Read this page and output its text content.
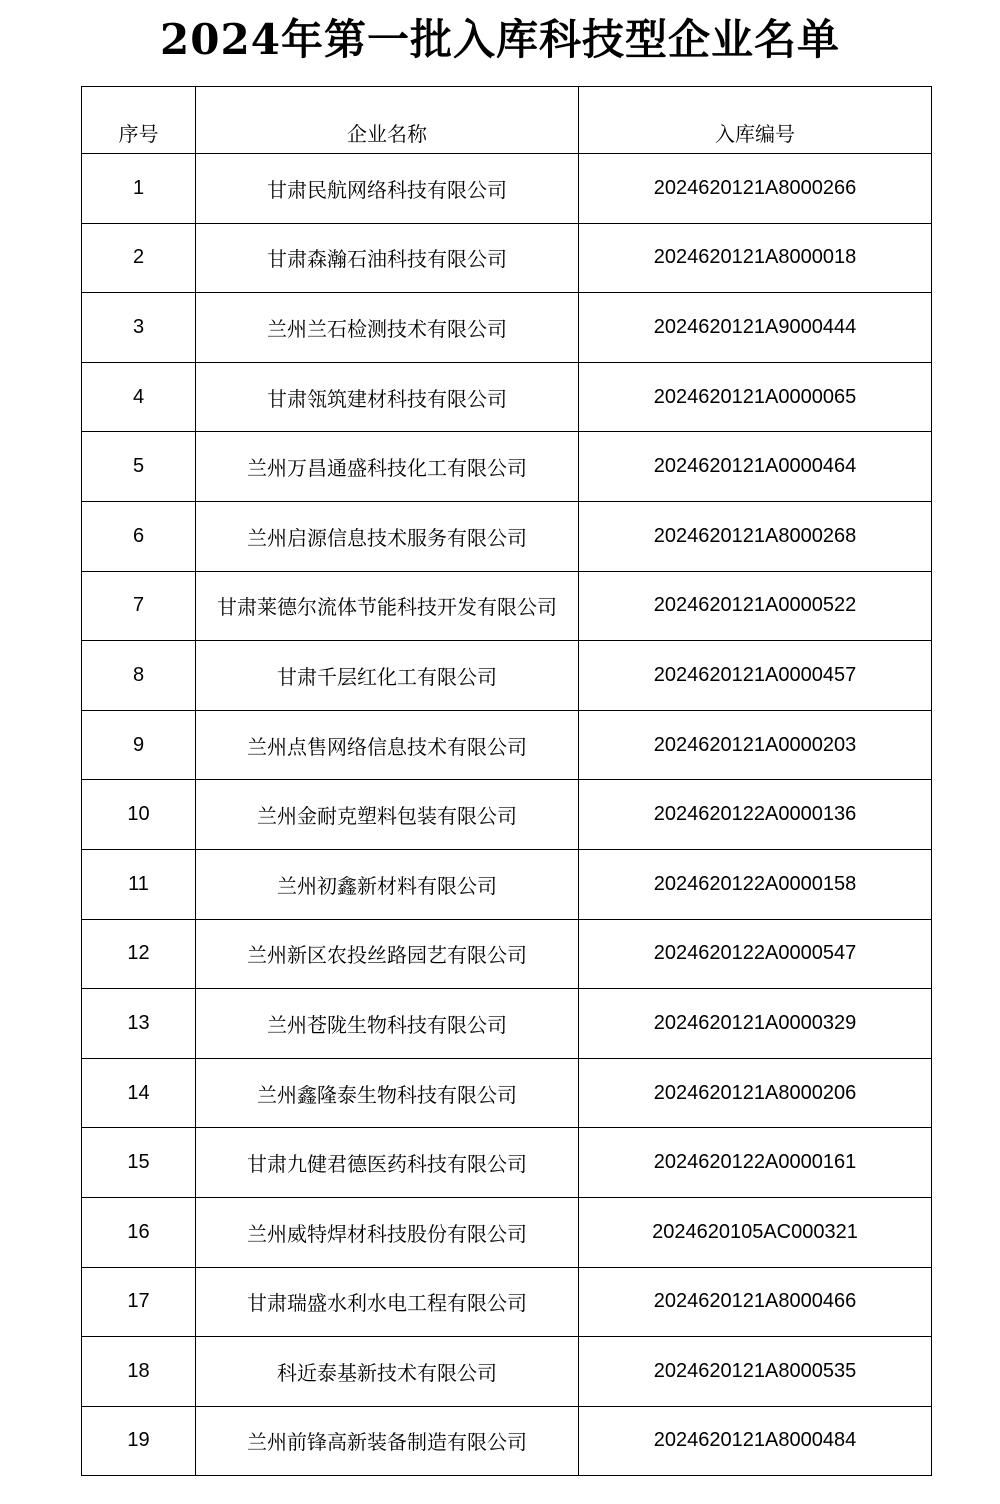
2024年第一批入库科技型企业名单
序号	企业名称	入库编号
1	甘肃民航网络科技有限公司	2024620121A8000266
2	甘肃森瀚石油科技有限公司	2024620121A8000018
3	兰州兰石检测技术有限公司	2024620121A9000444
4	甘肃瓴筑建材科技有限公司	2024620121A0000065
5	兰州万昌通盛科技化工有限公司	2024620121A0000464
6	兰州启源信息技术服务有限公司	2024620121A8000268
7	甘肃莱德尔流体节能科技开发有限公司	2024620121A0000522
8	甘肃千层红化工有限公司	2024620121A0000457
9	兰州点售网络信息技术有限公司	2024620121A0000203
10	兰州金耐克塑料包装有限公司	2024620122A0000136
11	兰州初鑫新材料有限公司	2024620122A0000158
12	兰州新区农投丝路园艺有限公司	2024620122A0000547
13	兰州苍陇生物科技有限公司	2024620121A0000329
14	兰州鑫隆泰生物科技有限公司	2024620121A8000206
15	甘肃九健君德医药科技有限公司	2024620122A0000161
16	兰州威特焊材科技股份有限公司	2024620105AC000321
17	甘肃瑞盛水利水电工程有限公司	2024620121A8000466
18	科近泰基新技术有限公司	2024620121A8000535
19	兰州前锋高新装备制造有限公司	2024620121A8000484
